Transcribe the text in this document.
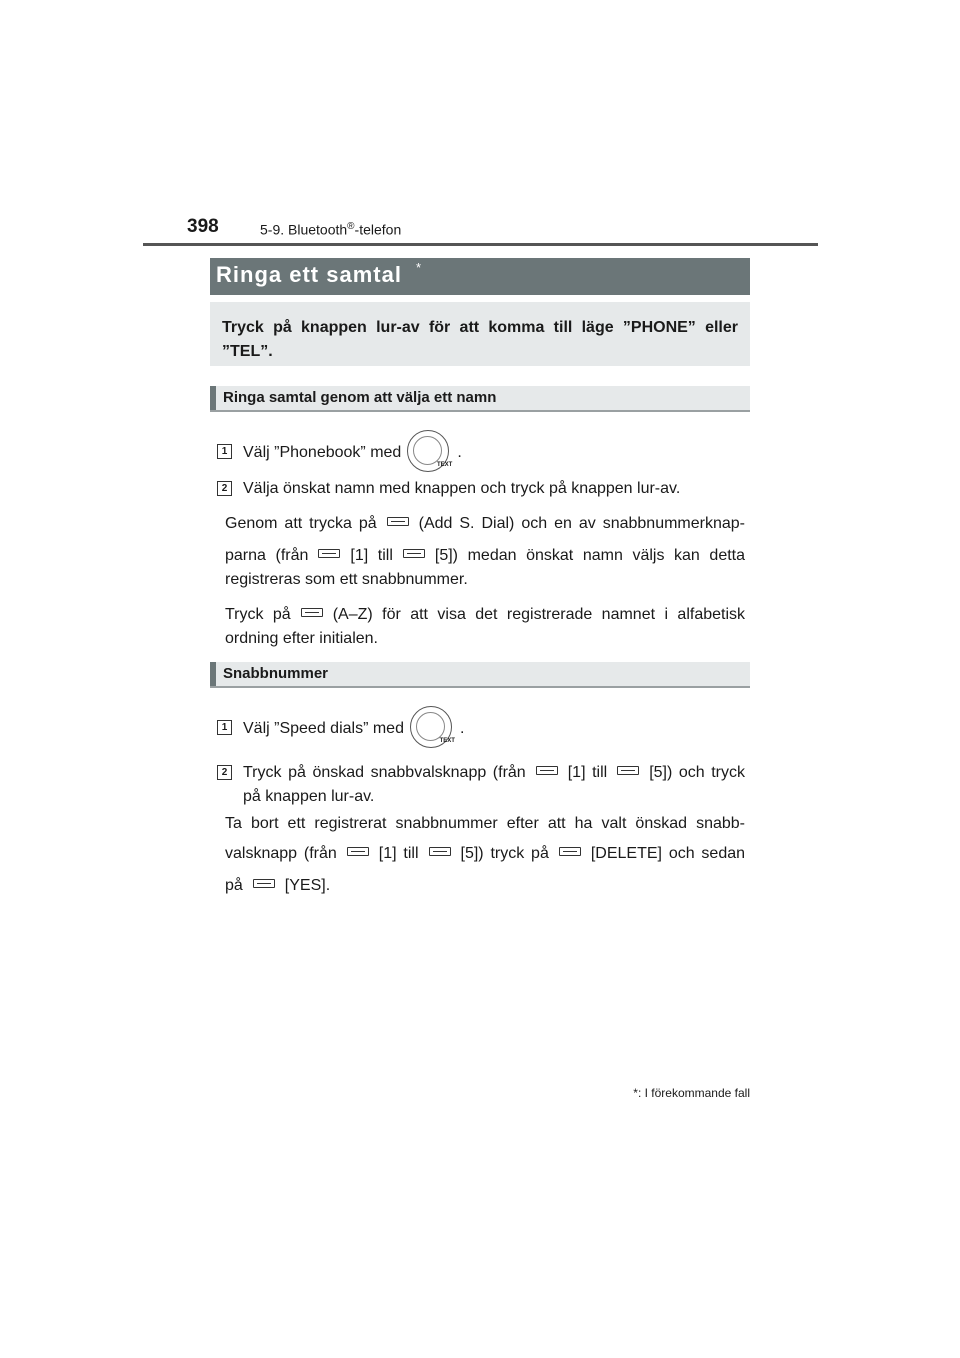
398	5-9. Bluetooth®-telefon
Ringa ett samtal *
Tryck på knappen lur-av för att komma till läge ”PHONE” eller ”TEL”.
Ringa samtal genom att välja ett namn
1 Välj ”Phonebook” med
TEXT
.
2 Välja önskat namn med knappen och tryck på knappen lur-av.
Genom att trycka på	(Add S. Dial) och en av snabbnummerknap-
parna (från	[1] till	[5]) medan önskat namn väljs kan detta
registreras som ett snabbnummer.
Tryck på	(A–Z) för att visa det registrerade namnet i alfabetisk
ordning efter initialen.
Snabbnummer
1 Välj ”Speed dials” med
TEXT
.
2 Tryck på önskad snabbvalsknapp (från	[1] till	[5]) och tryck
på knappen lur-av.
Ta bort ett registrerat snabbnummer efter att ha valt önskad snabb-
valsknapp (från	[1] till	[5]) tryck på	[DELETE] och sedan
på	[YES].
*: I förekommande fall
